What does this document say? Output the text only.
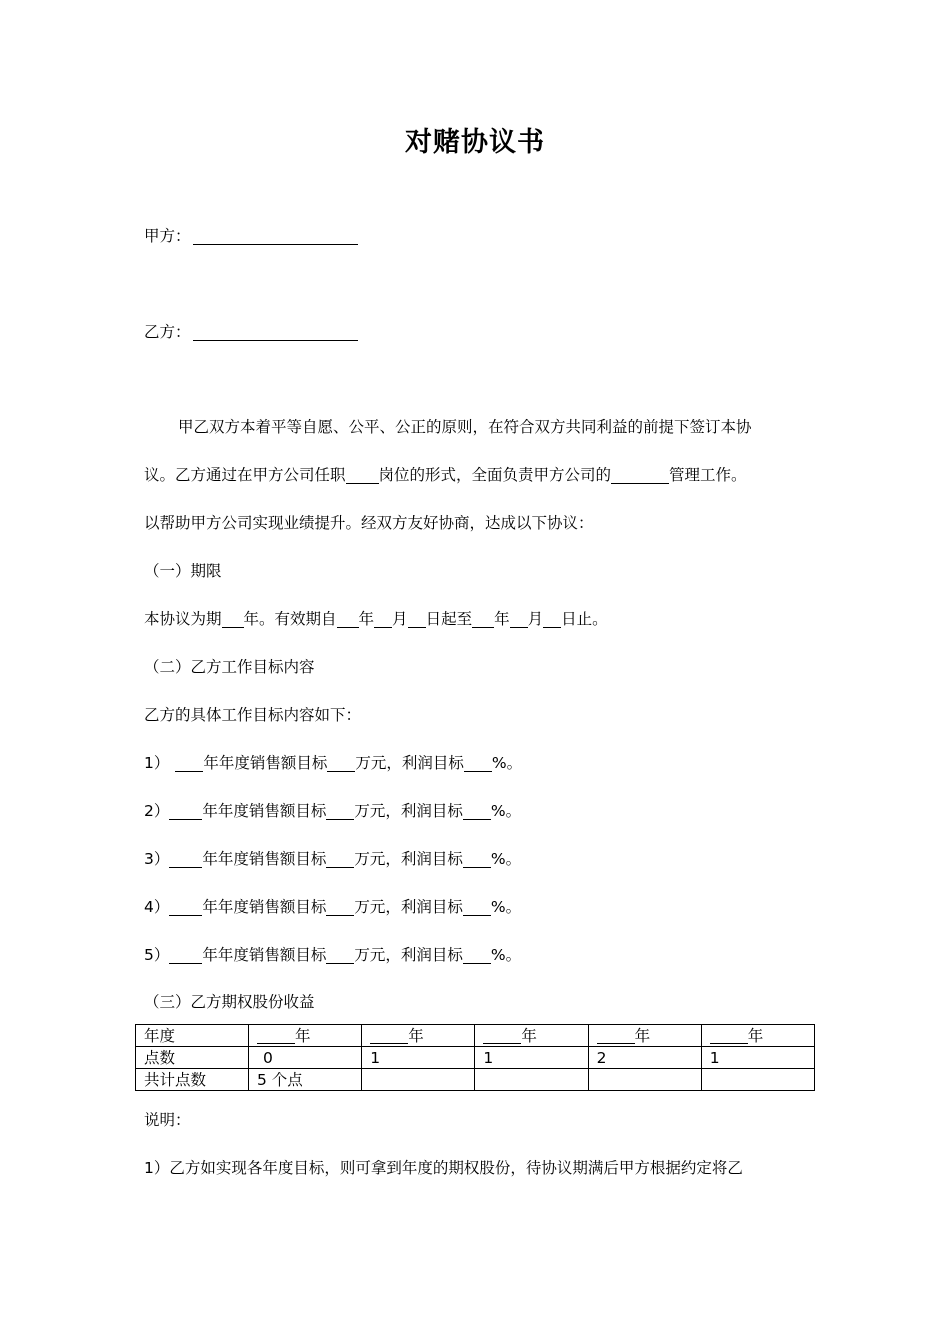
对赌协议书
甲方：
乙方：
甲乙双方本着平等自愿、公平、公正的原则，在符合双方共同利益的前提下签订本协
议。乙方通过在甲方公司任职 岗位的形式，全面负责甲方公司的	管理工作。
以帮助甲方公司实现业绩提升。经双方友好协商，达成以下协议：
（一）期限
本协议为期 年。有效期自 年 月 日起至 年 月 日止。
（二）乙方工作目标内容
乙方的具体工作目标内容如下：
1） 年年度销售额目标 万元，利润目标 %。
2） 年年度销售额目标 万元，利润目标 %。
3） 年年度销售额目标 万元，利润目标 %。
4） 年年度销售额目标 万元，利润目标 %。
5） 年年度销售额目标 万元，利润目标 %。
（三）乙方期权股份收益
年度	年	年	年	年	年
点数	0	1	1	2	1
共计点数	5 个点				
说明：
1）乙方如实现各年度目标，则可拿到年度的期权股份，待协议期满后甲方根据约定将乙
